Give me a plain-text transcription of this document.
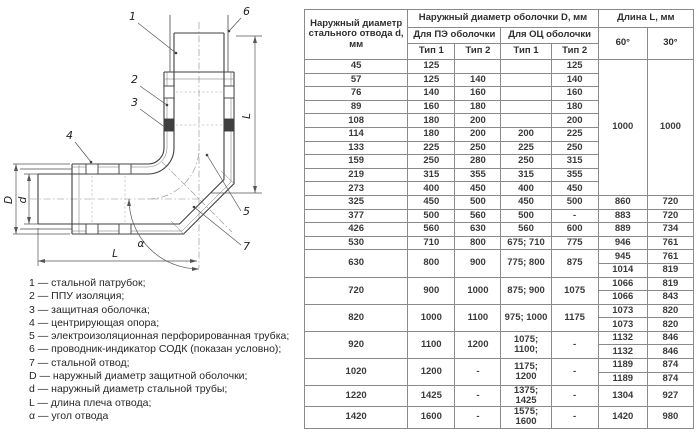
1
2
3
4
5
6
7
D d
L
L
α
1 — стальной патрубок;
2 — ППУ изоляция;
3 — защитная оболочка;
4 — центрирующая опора;
5 — электроизоляционная перфорированная трубка;
6 — проводник-индикатор СОДК (показан условно);
7 — стальной отвод;
D — наружный диаметр защитной оболочки;
d — наружный диаметр стальной трубы;
L — длина плеча отвода;
α — угол отвода
Наружный диаметр стального отвода d, мм	Наружный диаметр оболочки D, мм				Длина L, мм	
	Для ПЭ оболочки		Для ОЦ оболочки		60°	30°
	Тип 1	Тип 2	Тип 1	Тип 2		
45	125			125	1000	1000
57	125	140		140		
76	140	160		160		
89	160	180		180		
108	180	200		200		
114	180	200	200	225		
133	225	250	225	250		
159	250	280	250	315		
219	315	355	315	355		
273	400	450	400	450		
325	450	500	450	500	860	720
377	500	560	500	-	883	720
426	560	630	560	600	889	734
530	710	800	675; 710	775	946	761
630	800	900	775; 800	875	945	761
					1014	819
720	900	1000	875; 900	1075	1066	819
					1066	843
820	1000	1100	975; 1000	1175	1073	820
					1073	820
920	1100	1200	1075; 1100;	-	1132	846
					1132	846
1020	1200	-	1175; 1200	-	1189	874
					1189	874
1220	1425	-	1375; 1425	-	1304	927
1420	1600	-	1575; 1600	-	1420	980
